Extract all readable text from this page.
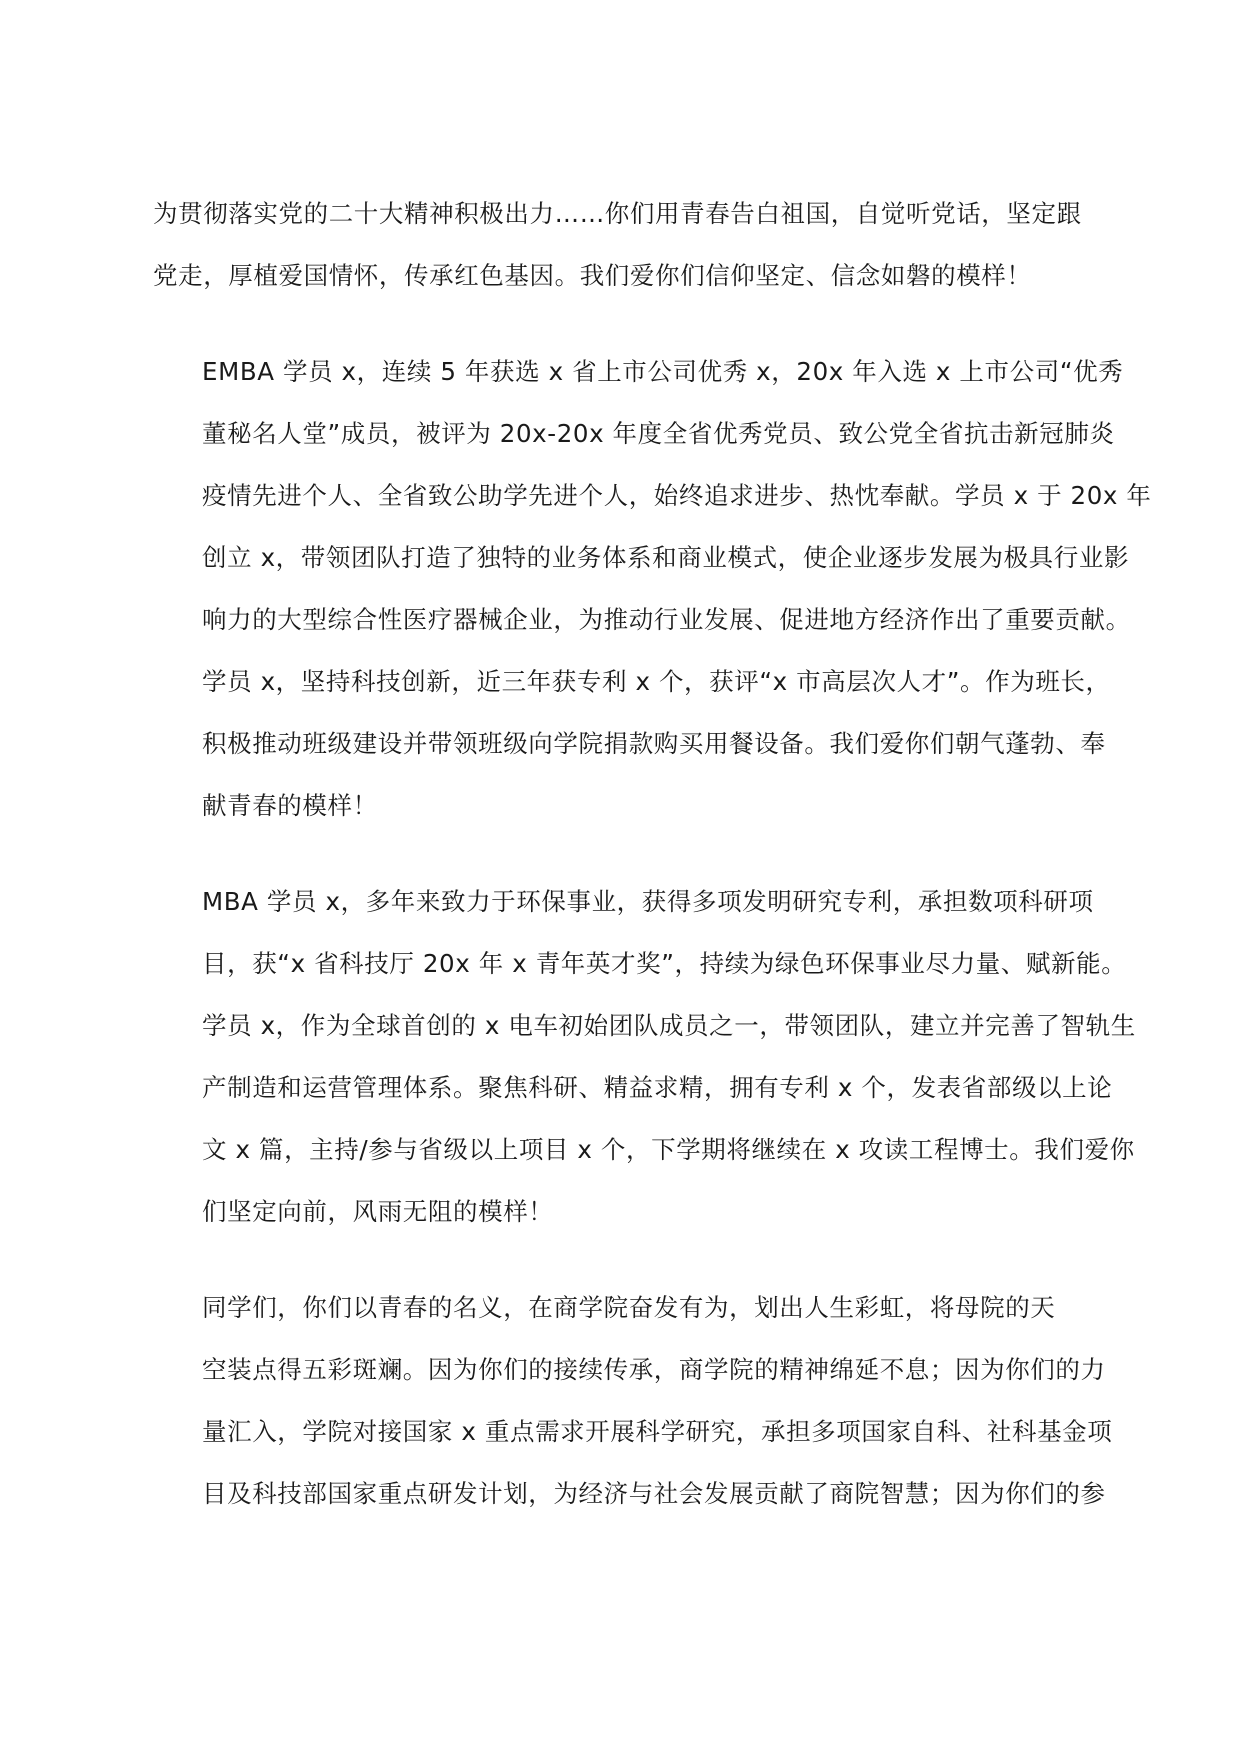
为贯彻落实党的二十大精神积极出力……你们用青春告白祖国，自觉听党话，坚定跟
党走，厚植爱国情怀，传承红色基因。我们爱你们信仰坚定、信念如磐的模样！

EMBA 学员 x，连续 5 年获选 x 省上市公司优秀 x，20x 年入选 x 上市公司“优秀
董秘名人堂”成员，被评为 20x-20x 年度全省优秀党员、致公党全省抗击新冠肺炎
疫情先进个人、全省致公助学先进个人，始终追求进步、热忱奉献。学员 x 于 20x 年
创立 x，带领团队打造了独特的业务体系和商业模式，使企业逐步发展为极具行业影
响力的大型综合性医疗器械企业，为推动行业发展、促进地方经济作出了重要贡献。
学员 x，坚持科技创新，近三年获专利 x 个，获评“x 市高层次人才”。作为班长，
积极推动班级建设并带领班级向学院捐款购买用餐设备。我们爱你们朝气蓬勃、奉
献青春的模样！

MBA 学员 x，多年来致力于环保事业，获得多项发明研究专利，承担数项科研项
目，获“x 省科技厅 20x 年 x 青年英才奖”，持续为绿色环保事业尽力量、赋新能。
学员 x，作为全球首创的 x 电车初始团队成员之一，带领团队，建立并完善了智轨生
产制造和运营管理体系。聚焦科研、精益求精，拥有专利 x 个，发表省部级以上论
文 x 篇，主持/参与省级以上项目 x 个，下学期将继续在 x 攻读工程博士。我们爱你
们坚定向前，风雨无阻的模样！

同学们，你们以青春的名义，在商学院奋发有为，划出人生彩虹，将母院的天
空装点得五彩斑斓。因为你们的接续传承，商学院的精神绵延不息；因为你们的力
量汇入，学院对接国家 x 重点需求开展科学研究，承担多项国家自科、社科基金项
目及科技部国家重点研发计划，为经济与社会发展贡献了商院智慧；因为你们的参
